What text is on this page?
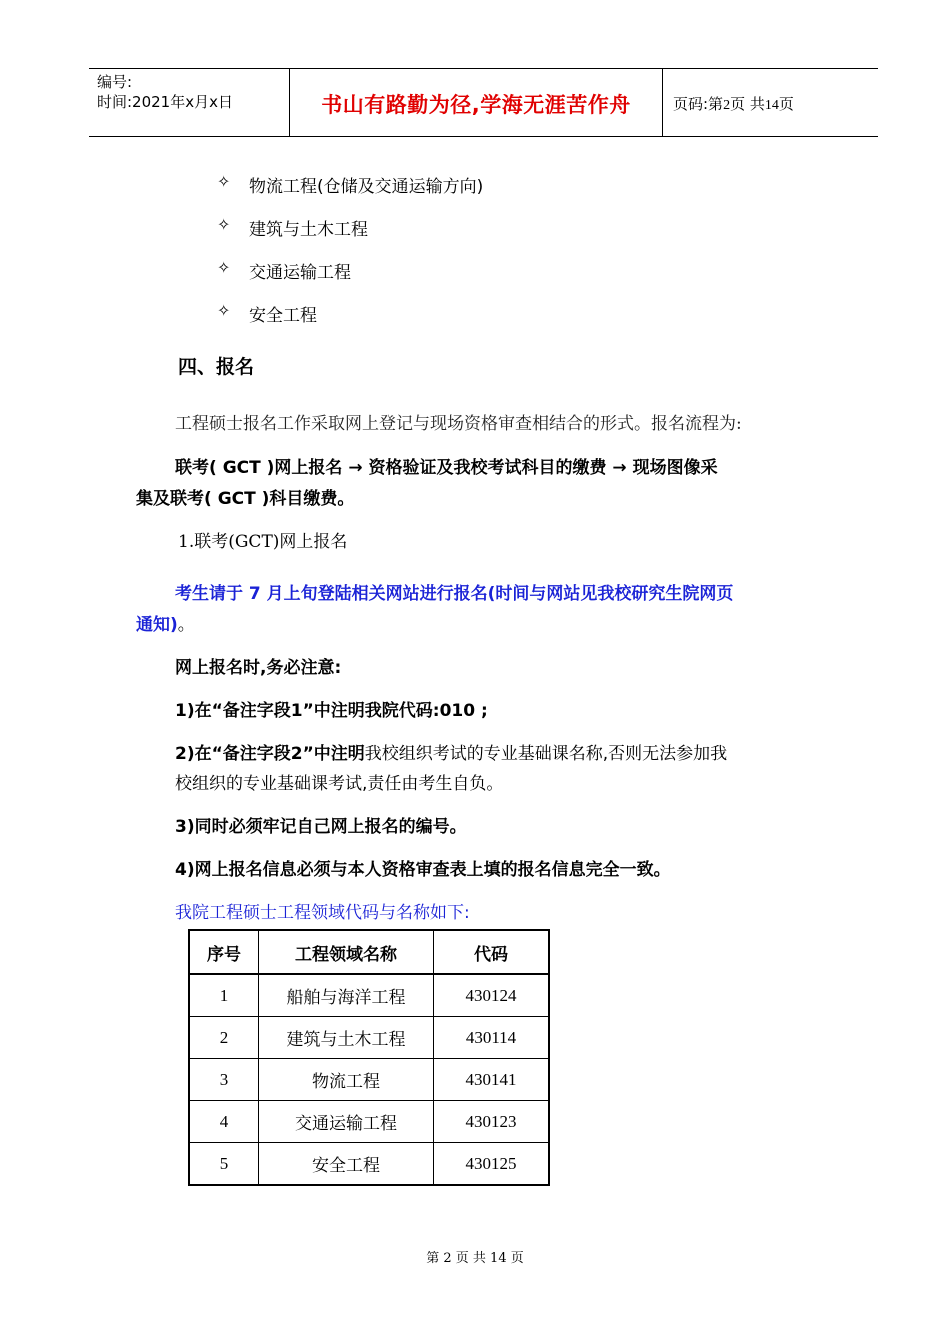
编号:
时间:2021年x月x日	书山有路勤为径,学海无涯苦作舟	页码:第2页 共14页
✧ 物流工程(仓储及交通运输方向)
✧ 建筑与土木工程
✧ 交通运输工程
✧ 安全工程
四、报名
工程硕士报名工作采取网上登记与现场资格审查相结合的形式。报名流程为:
联考( GCT )网上报名 → 资格验证及我校考试科目的缴费 → 现场图像采
集及联考( GCT )科目缴费。
1.联考(GCT)网上报名
考生请于 7 月上旬登陆相关网站进行报名(时间与网站见我校研究生院网页
通知)。
网上报名时,务必注意:
1)在“备注字段1”中注明我院代码:010 ;
2)在“备注字段2”中注明我校组织考试的专业基础课名称,否则无法参加我
校组织的专业基础课考试,责任由考生自负。
3)同时必须牢记自己网上报名的编号。
4)网上报名信息必须与本人资格审查表上填的报名信息完全一致。
我院工程硕士工程领域代码与名称如下:
序号	工程领域名称	代码
1	船舶与海洋工程	430124
2	建筑与土木工程	430114
3	物流工程	430141
4	交通运输工程	430123
5	安全工程	430125
第 2 页 共 14 页
